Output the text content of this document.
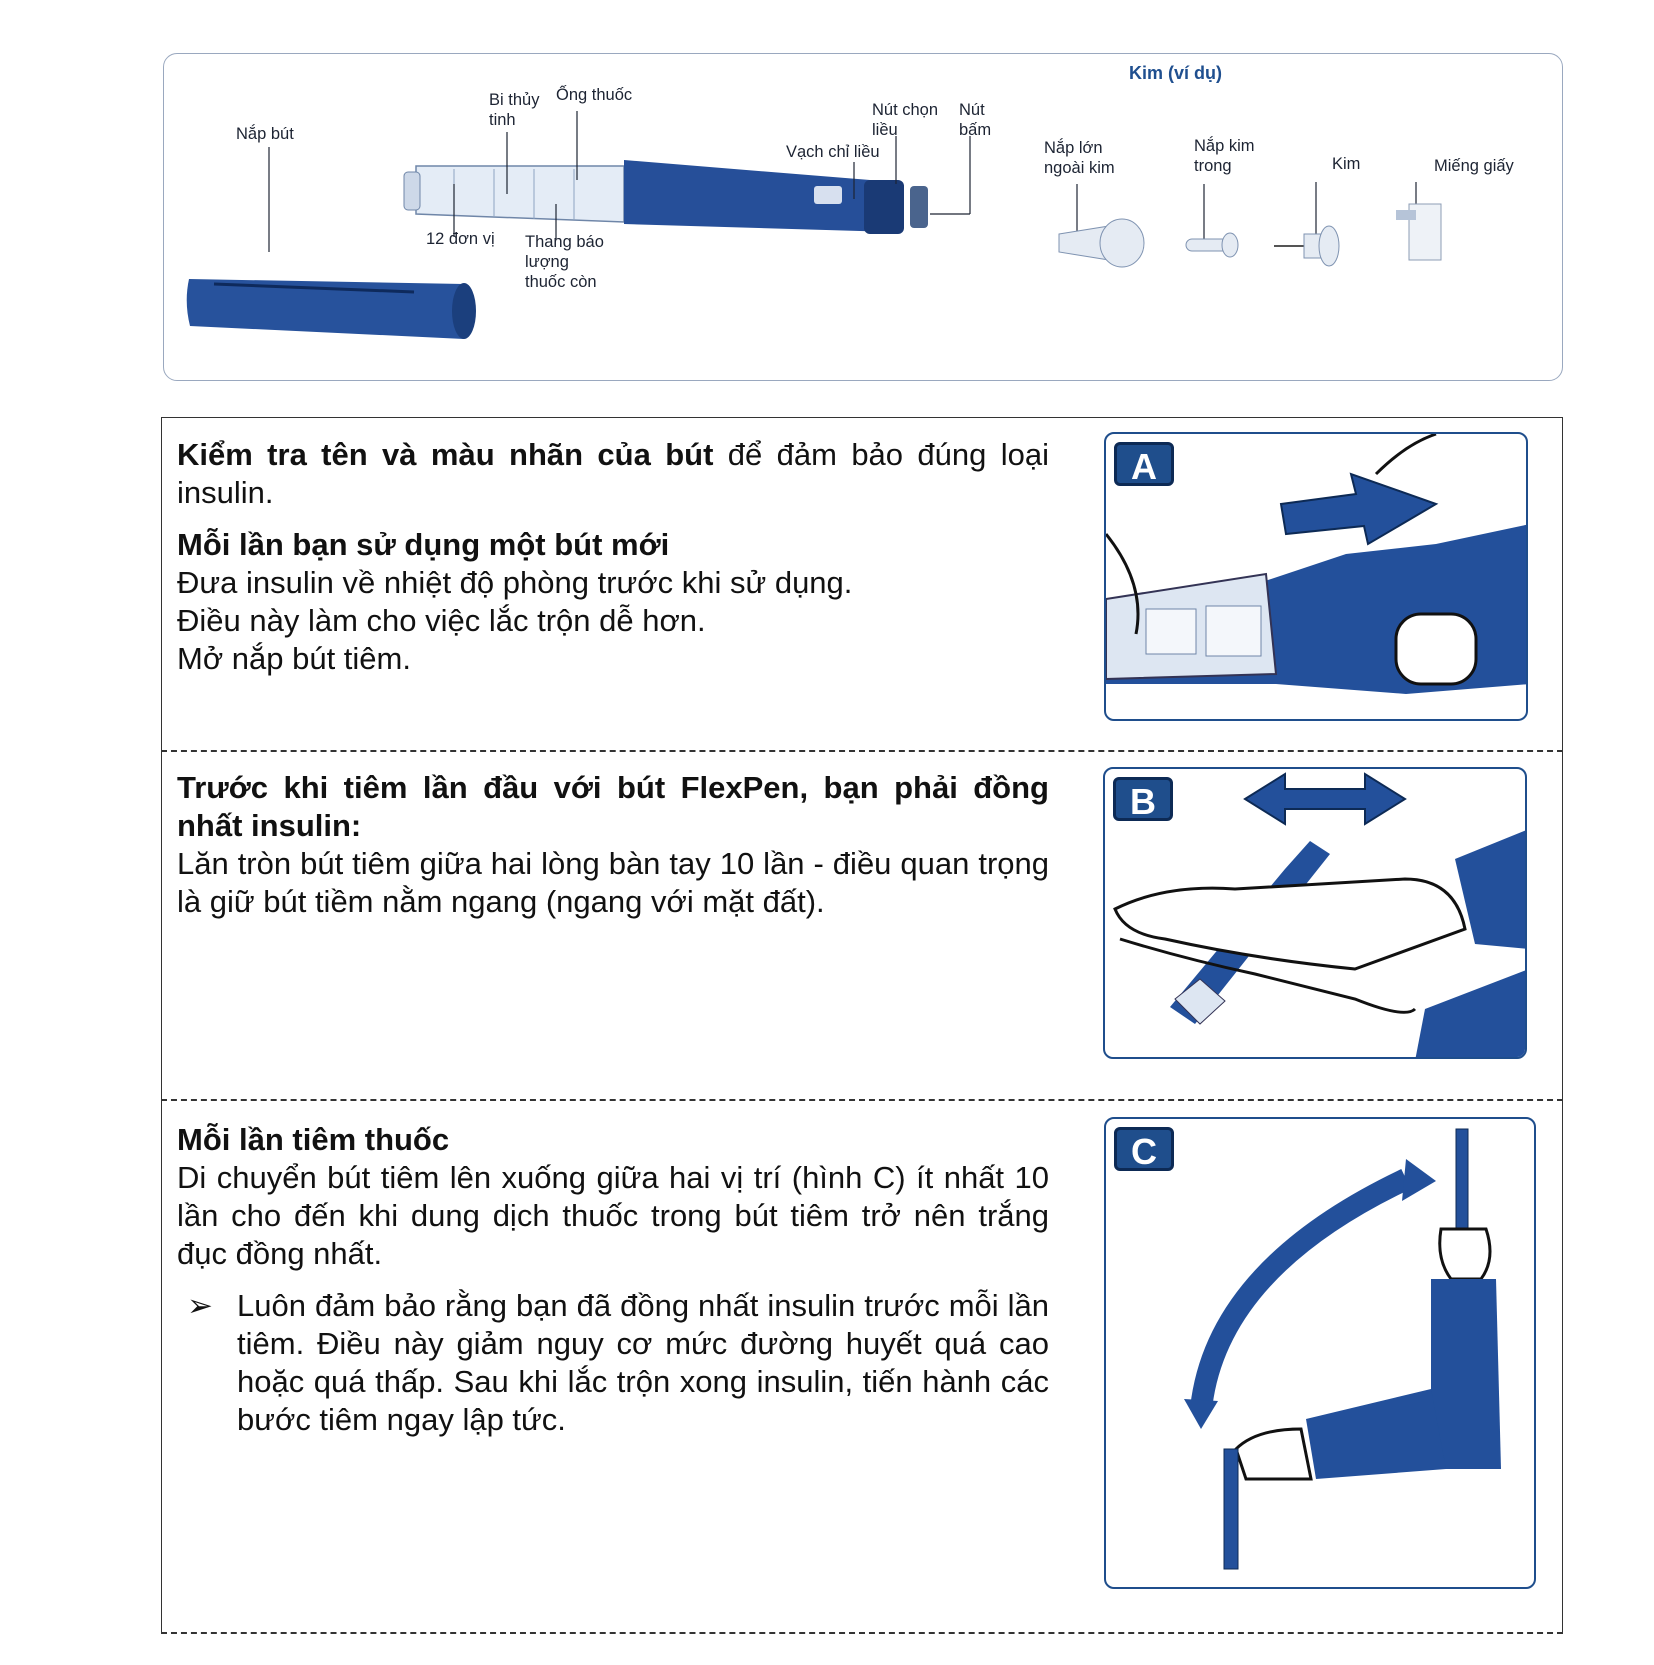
Nắp bút
Bi thủy
tinh
Ống thuốc
Nút chọn
liều
Nút
bấm
Vạch chỉ liều
12 đơn vị Thang báo
lượng
thuốc còn
Kim (ví dụ)
Nắp lớn
ngoài kim
Nắp kim
trong	Kim	Miếng giấy

Kiểm tra tên và màu nhãn của bút để đảm bảo đúng loại insulin.

Mỗi lần bạn sử dụng một bút mới

Đưa insulin về nhiệt độ phòng trước khi sử dụng.

Điều này làm cho việc lắc trộn dễ hơn.

Mở nắp bút tiêm.

A

Trước khi tiêm lần đầu với bút FlexPen, bạn phải đồng nhất insulin:

Lăn tròn bút tiêm giữa hai lòng bàn tay 10 lần - điều quan trọng là giữ bút tiềm nằm ngang (ngang với mặt đất).

B

Mỗi lần tiêm thuốc

Di chuyển bút tiêm lên xuống giữa hai vị trí (hình C) ít nhất 10 lần cho đến khi dung dịch thuốc trong bút tiêm trở nên trắng đục đồng nhất.

➢ Luôn đảm bảo rằng bạn đã đồng nhất insulin trước mỗi lần tiêm. Điều này giảm nguy cơ mức đường huyết quá cao hoặc quá thấp. Sau khi lắc trộn xong insulin, tiến hành các bước tiêm ngay lập tức.

C
